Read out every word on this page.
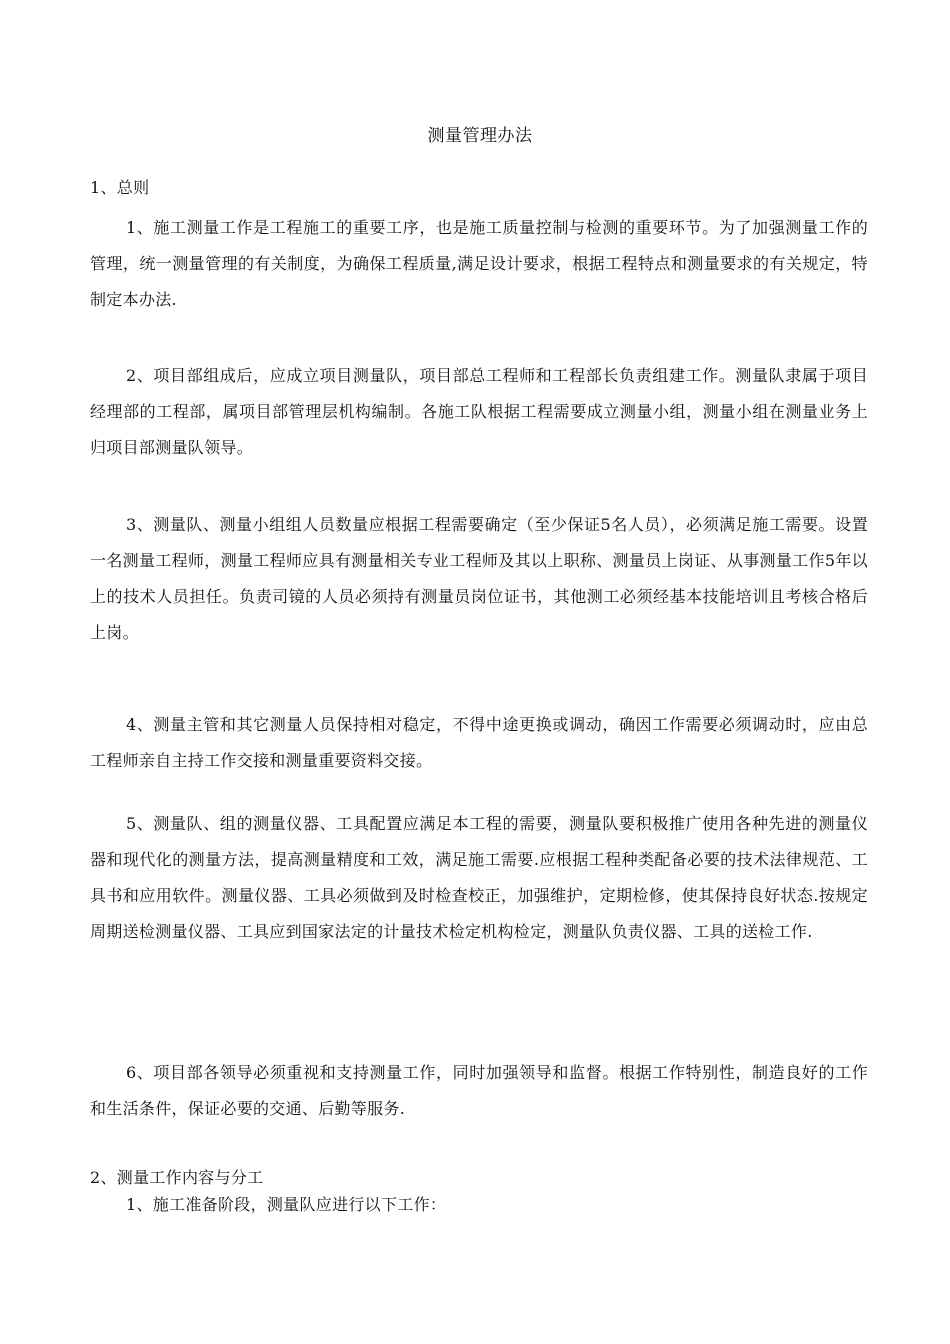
测量管理办法
1、总则

1、施工测量工作是工程施工的重要工序，也是施工质量控制与检测的重要环节。为了加强测量工作的管理，统一测量管理的有关制度，为确保工程质量,满足设计要求，根据工程特点和测量要求的有关规定，特制定本办法.

2、项目部组成后，应成立项目测量队，项目部总工程师和工程部长负责组建工作。测量队隶属于项目经理部的工程部，属项目部管理层机构编制。各施工队根据工程需要成立测量小组，测量小组在测量业务上归项目部测量队领导。

3、测量队、测量小组组人员数量应根据工程需要确定（至少保证5名人员），必须满足施工需要。设置一名测量工程师，测量工程师应具有测量相关专业工程师及其以上职称、测量员上岗证、从事测量工作5年以上的技术人员担任。负责司镜的人员必须持有测量员岗位证书，其他测工必须经基本技能培训且考核合格后上岗。

4、测量主管和其它测量人员保持相对稳定，不得中途更换或调动，确因工作需要必须调动时，应由总工程师亲自主持工作交接和测量重要资料交接。

5、测量队、组的测量仪器、工具配置应满足本工程的需要，测量队要积极推广使用各种先进的测量仪器和现代化的测量方法，提高测量精度和工效，满足施工需要.应根据工程种类配备必要的技术法律规范、工具书和应用软件。测量仪器、工具必须做到及时检查校正，加强维护，定期检修，使其保持良好状态.按规定周期送检测量仪器、工具应到国家法定的计量技术检定机构检定，测量队负责仪器、工具的送检工作.

6、项目部各领导必须重视和支持测量工作，同时加强领导和监督。根据工作特别性，制造良好的工作和生活条件，保证必要的交通、后勤等服务.

2、测量工作内容与分工
1、施工准备阶段，测量队应进行以下工作：
